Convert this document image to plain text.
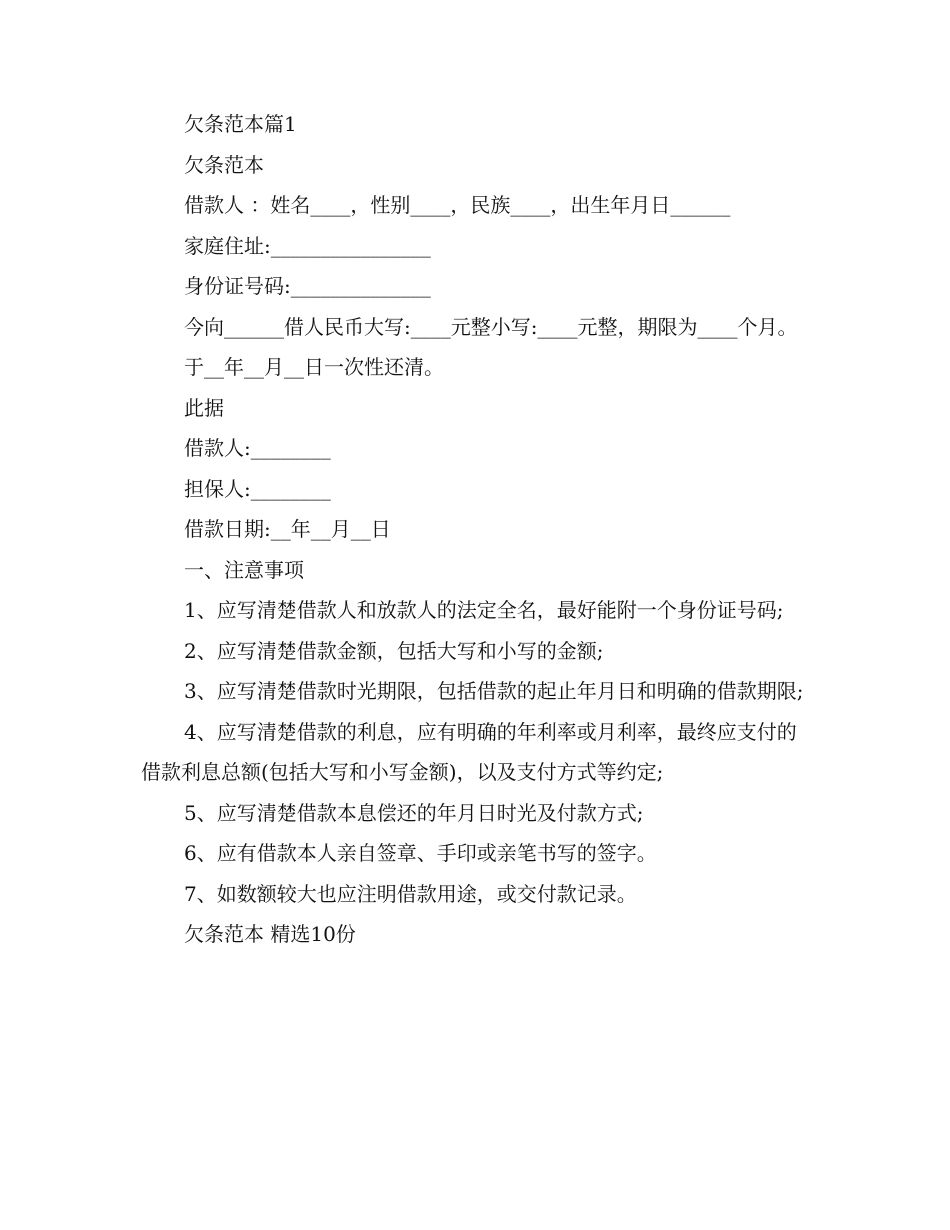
欠条范本篇1

欠条范本

借款人 ：姓名____，性别____，民族____，出生年月日______

家庭住址:________________

身份证号码:______________

今向______借人民币大写:____元整小写:____元整，期限为____个月。

于__年__月__日一次性还清。

此据

借款人:________

担保人:________

借款日期:__年__月__日

一、注意事项

1、应写清楚借款人和放款人的法定全名，最好能附一个身份证号码;

2、应写清楚借款金额，包括大写和小写的金额;

3、应写清楚借款时光期限，包括借款的起止年月日和明确的借款期限;

4、应写清楚借款的利息，应有明确的年利率或月利率，最终应支付的借款利息总额(包括大写和小写金额)，以及支付方式等约定;

5、应写清楚借款本息偿还的年月日时光及付款方式;

6、应有借款本人亲自签章、手印或亲笔书写的签字。

7、如数额较大也应注明借款用途，或交付款记录。

欠条范本 精选10份
